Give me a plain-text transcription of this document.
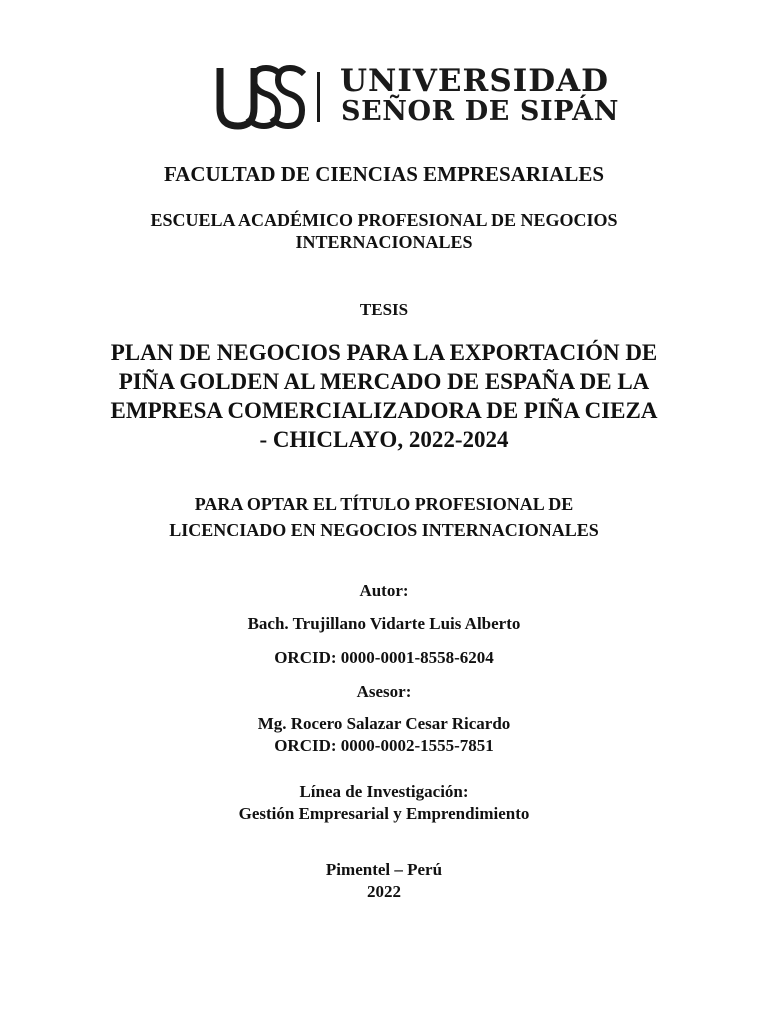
UNIVERSIDAD
SEÑOR DE SIPÁN
FACULTAD DE CIENCIAS EMPRESARIALES
ESCUELA ACADÉMICO PROFESIONAL DE NEGOCIOS
INTERNACIONALES
TESIS
PLAN DE NEGOCIOS PARA LA EXPORTACIÓN DE
PIÑA GOLDEN AL MERCADO DE ESPAÑA DE LA
EMPRESA COMERCIALIZADORA DE PIÑA CIEZA
- CHICLAYO, 2022-2024
PARA OPTAR EL TÍTULO PROFESIONAL DE
LICENCIADO EN NEGOCIOS INTERNACIONALES
Autor:
Bach. Trujillano Vidarte Luis Alberto
ORCID: 0000-0001-8558-6204
Asesor:
Mg. Rocero Salazar Cesar Ricardo
ORCID: 0000-0002-1555-7851
Línea de Investigación:
Gestión Empresarial y Emprendimiento
Pimentel – Perú
2022
